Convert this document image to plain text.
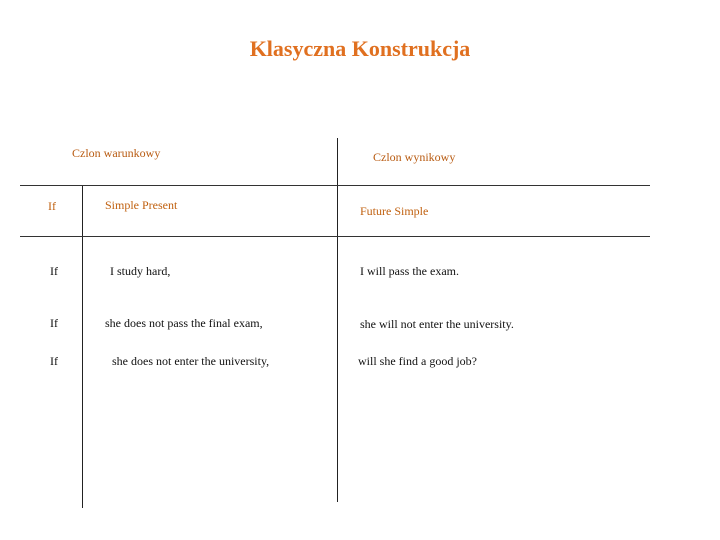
Klasyczna Konstrukcja
Czlon warunkowy	Czlon wynikowy
If	Simple Present	Future Simple
If	I study hard,	I will pass the exam.
If	she does not pass the final exam,	she will not enter the university.
If	she does not enter the university,	will she find a good job?
